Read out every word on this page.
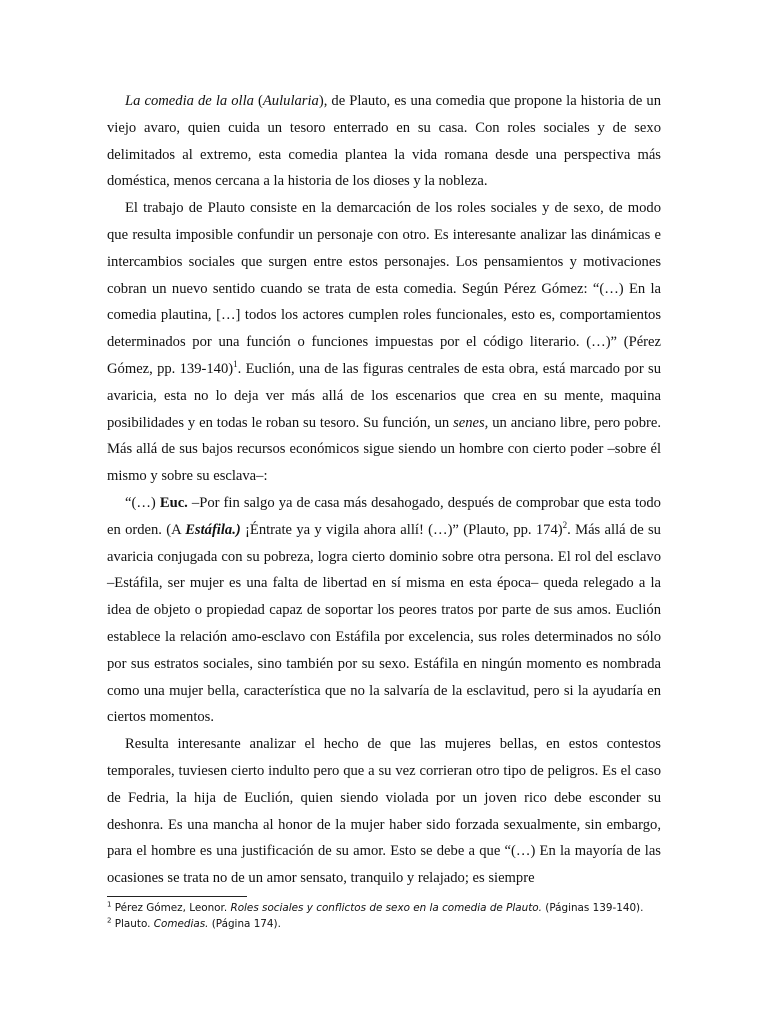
La comedia de la olla (Aulularia), de Plauto, es una comedia que propone la historia de un viejo avaro, quien cuida un tesoro enterrado en su casa. Con roles sociales y de sexo delimitados al extremo, esta comedia plantea la vida romana desde una perspectiva más doméstica, menos cercana a la historia de los dioses y la nobleza.

El trabajo de Plauto consiste en la demarcación de los roles sociales y de sexo, de modo que resulta imposible confundir un personaje con otro. Es interesante analizar las dinámicas e intercambios sociales que surgen entre estos personajes. Los pensamientos y motivaciones cobran un nuevo sentido cuando se trata de esta comedia. Según Pérez Gómez: “(…) En la comedia plautina, […] todos los actores cumplen roles funcionales, esto es, comportamientos determinados por una función o funciones impuestas por el código literario. (…)” (Pérez Gómez, pp. 139-140)$^1$. Euclión, una de las figuras centrales de esta obra, está marcado por su avaricia, esta no lo deja ver más allá de los escenarios que crea en su mente, maquina posibilidades y en todas le roban su tesoro. Su función, un senes, un anciano libre, pero pobre. Más allá de sus bajos recursos económicos sigue siendo un hombre con cierto poder –sobre él mismo y sobre su esclava–:

“(…) Euc. –Por fin salgo ya de casa más desahogado, después de comprobar que esta todo en orden. (A Estáfila.) ¡Éntrate ya y vigila ahora allí! (…)” (Plauto, pp. 174)$^2$. Más allá de su avaricia conjugada con su pobreza, logra cierto dominio sobre otra persona. El rol del esclavo –Estáfila, ser mujer es una falta de libertad en sí misma en esta época– queda relegado a la idea de objeto o propiedad capaz de soportar los peores tratos por parte de sus amos. Euclión establece la relación amo-esclavo con Estáfila por excelencia, sus roles determinados no sólo por sus estratos sociales, sino también por su sexo. Estáfila en ningún momento es nombrada como una mujer bella, característica que no la salvaría de la esclavitud, pero si la ayudaría en ciertos momentos.

Resulta interesante analizar el hecho de que las mujeres bellas, en estos contestos temporales, tuviesen cierto indulto pero que a su vez corrieran otro tipo de peligros. Es el caso de Fedria, la hija de Euclión, quien siendo violada por un joven rico debe esconder su deshonra. Es una mancha al honor de la mujer haber sido forzada sexualmente, sin embargo, para el hombre es una justificación de su amor. Esto se debe a que “(…) En la mayoría de las ocasiones se trata no de un amor sensato, tranquilo y relajado; es siempre

$^1$ Pérez Gómez, Leonor. Roles sociales y conflictos de sexo en la comedia de Plauto. (Páginas 139-140).
$^2$ Plauto. Comedias. (Página 174).
